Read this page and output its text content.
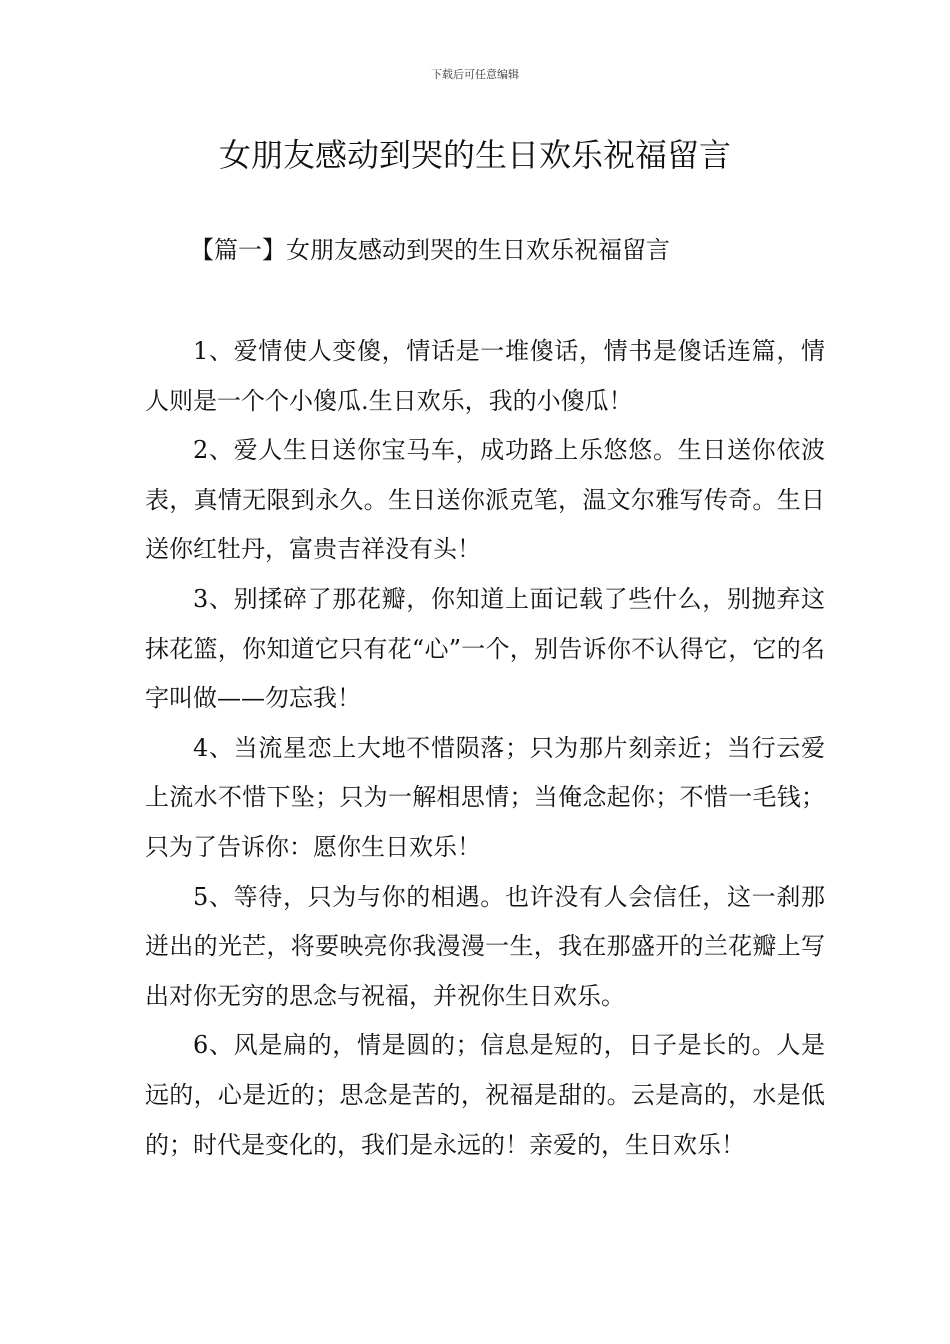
下载后可任意编辑
女朋友感动到哭的生日欢乐祝福留言
【篇一】女朋友感动到哭的生日欢乐祝福留言

1、爱情使人变傻，情话是一堆傻话，情书是傻话连篇，情人则是一个个小傻瓜.生日欢乐，我的小傻瓜！

2、爱人生日送你宝马车，成功路上乐悠悠。生日送你依波表，真情无限到永久。生日送你派克笔，温文尔雅写传奇。生日送你红牡丹，富贵吉祥没有头！

3、别揉碎了那花瓣，你知道上面记载了些什么，别抛弃这抹花篮，你知道它只有花“心”一个，别告诉你不认得它，它的名字叫做——勿忘我！

4、当流星恋上大地不惜陨落；只为那片刻亲近；当行云爱上流水不惜下坠；只为一解相思情；当俺念起你；不惜一毛钱；只为了告诉你：愿你生日欢乐！

5、等待，只为与你的相遇。也许没有人会信任，这一刹那迸出的光芒，将要映亮你我漫漫一生，我在那盛开的兰花瓣上写出对你无穷的思念与祝福，并祝你生日欢乐。

6、风是扁的，情是圆的；信息是短的，日子是长的。人是远的，心是近的；思念是苦的，祝福是甜的。云是高的，水是低的；时代是变化的，我们是永远的！亲爱的，生日欢乐！
